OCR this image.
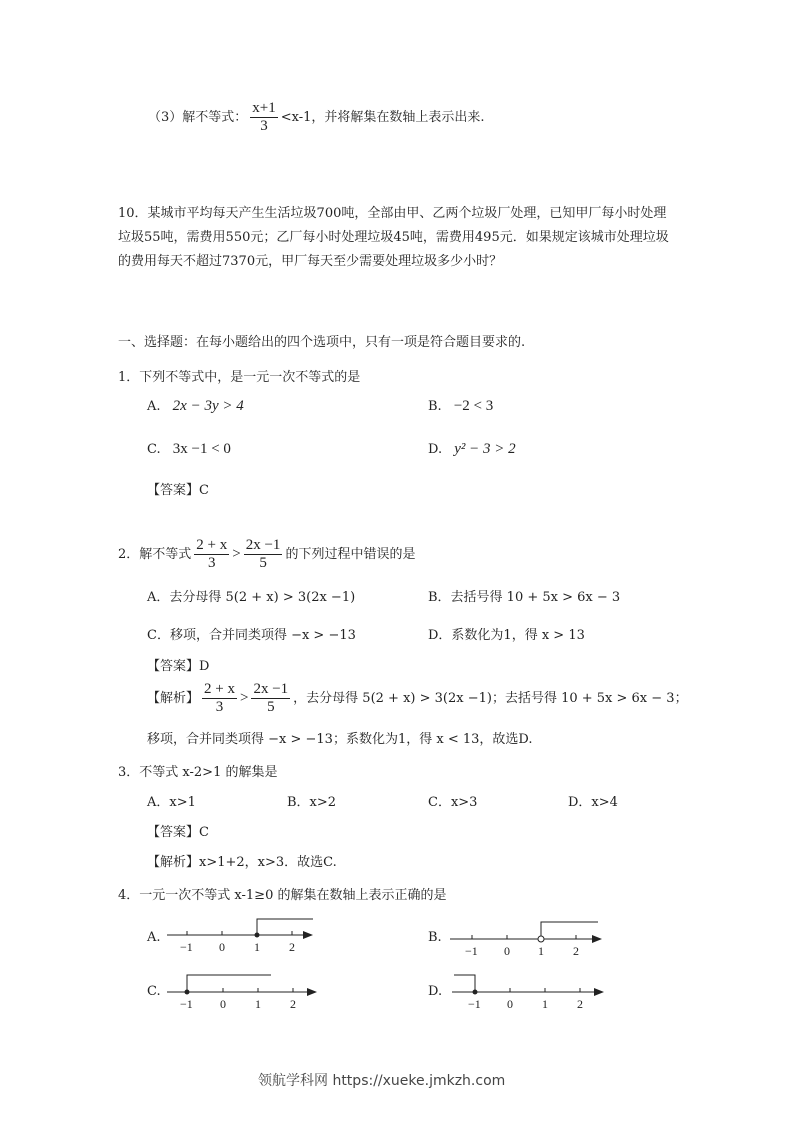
（3）解不等式： $\frac{x+1}{3} <x-1$，并将解集在数轴上表示出来.
10．某城市平均每天产生生活垃圾700吨，全部由甲、乙两个垃圾厂处理，已知甲厂每小时处理垃圾55吨，需费用550元；乙厂每小时处理垃圾45吨，需费用495元．如果规定该城市处理垃圾的费用每天不超过7370元，甲厂每天至少需要处理垃圾多少小时？
一、选择题：在每小题给出的四个选项中，只有一项是符合题目要求的.
1．下列不等式中，是一元一次不等式的是
A. 2x − 3y > 4	B. −2 < 3
C. 3x −1 < 0	D. y² − 3 > 2
【答案】C
2．解不等式 $\frac{2 + x}{3} > \frac{2x -1}{5}$ 的下列过程中错误的是
A．去分母得 5(2 + x) > 3(2x −1)	B．去括号得 10 + 5x > 6x − 3
C．移项，合并同类项得 −x > −13	D．系数化为1，得 x > 13
【答案】D
【解析】 $\frac{2 + x}{3} > \frac{2x -1}{5}$ ，去分母得 5(2 + x) > 3(2x −1)；去括号得 10 + 5x > 6x − 3；
移项，合并同类项得 −x > −13；系数化为1，得 x < 13，故选D.
3．不等式 x-2>1 的解集是
A．x>1	B．x>2	C．x>3	D．x>4
【答案】C
【解析】x>1+2，x>3．故选C.
4．一元一次不等式 x-1≥0 的解集在数轴上表示正确的是
A.
−1 0 1 2
B.
−1 0 1 2
C.
−1 0 1 2
D.
−1 0 1 2
领航学科网 https://xueke.jmkzh.com
